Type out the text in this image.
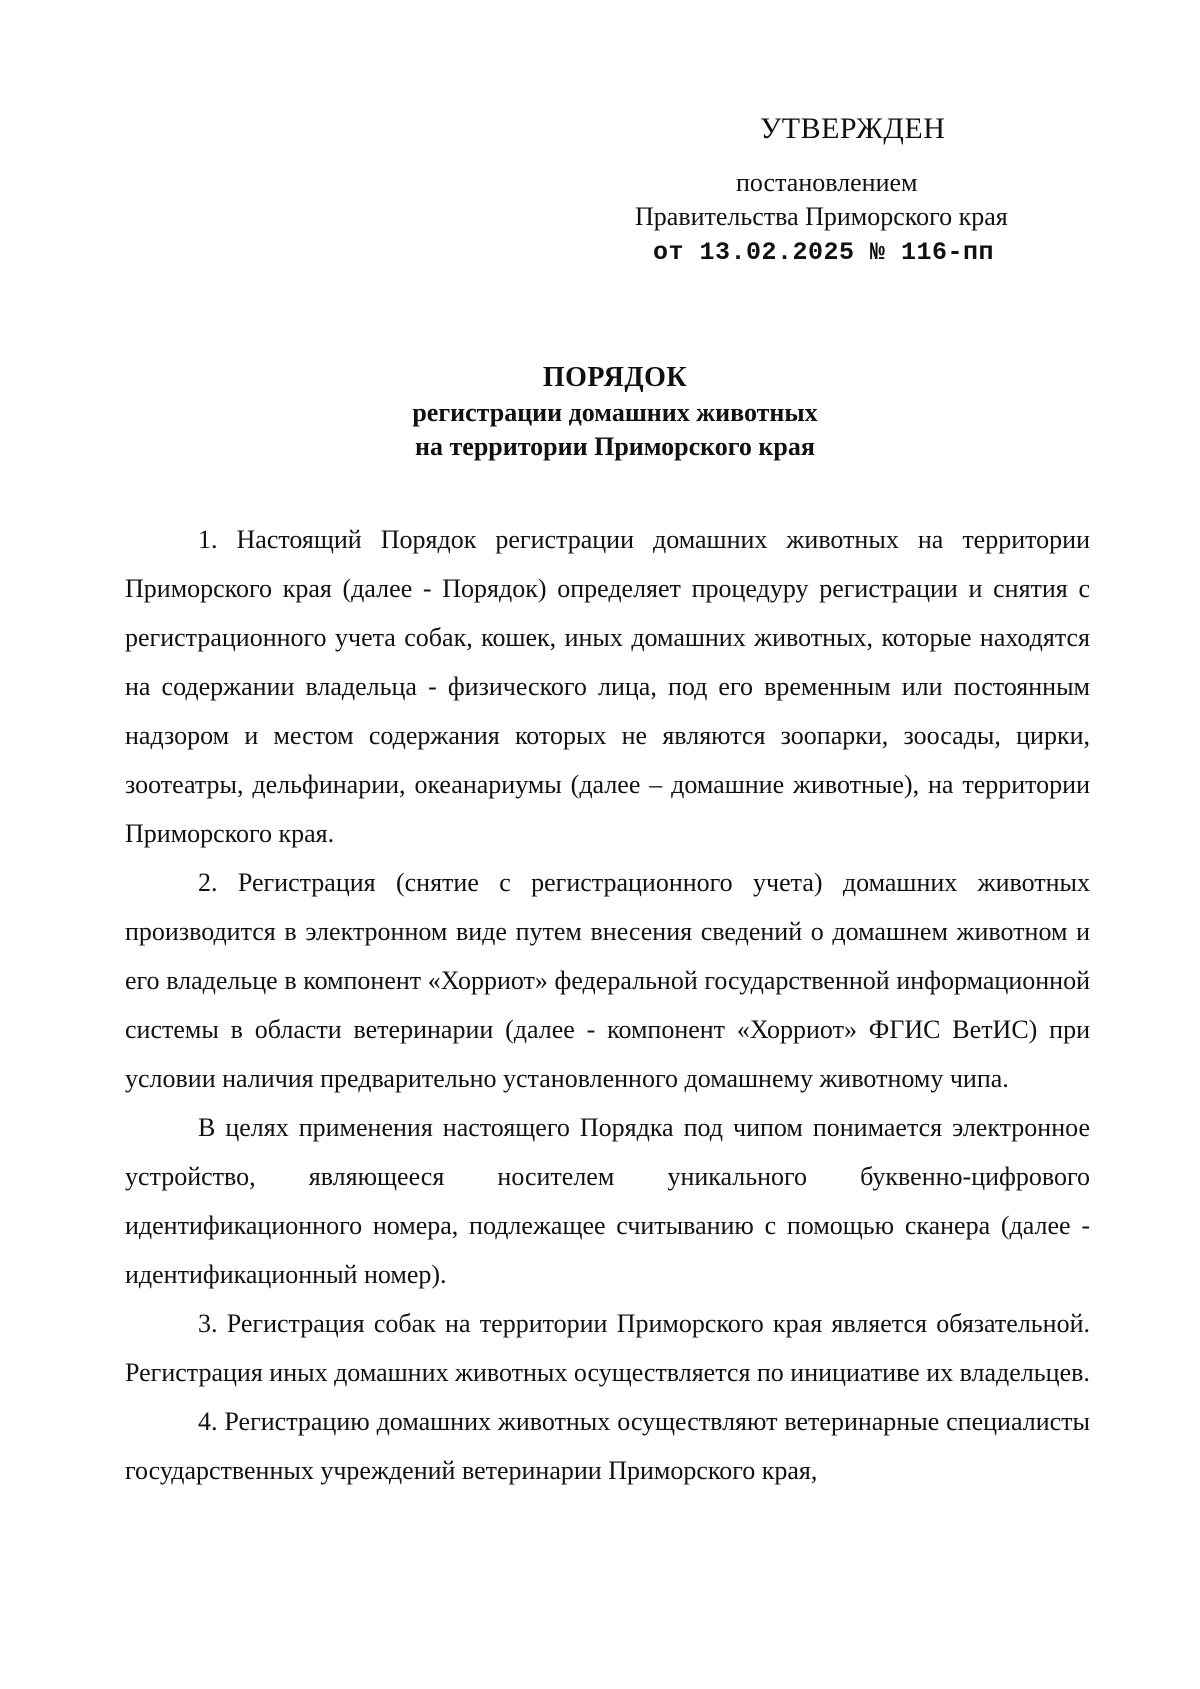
УТВЕРЖДЕН
постановлением
Правительства Приморского края
от 13.02.2025 № 116-пп
ПОРЯДОК
регистрации домашних животных
на территории Приморского края

1. Настоящий Порядок регистрации домашних животных на территории Приморского края (далее - Порядок) определяет процедуру регистрации и снятия с регистрационного учета собак, кошек, иных домашних животных, которые находятся на содержании владельца - физического лица, под его временным или постоянным надзором и местом содержания которых не являются зоопарки, зоосады, цирки, зоотеатры, дельфинарии, океанариумы (далее – домашние животные), на территории Приморского края.

2. Регистрация (снятие с регистрационного учета) домашних животных производится в электронном виде путем внесения сведений о домашнем животном и его владельце в компонент «Хорриот» федеральной государственной информационной системы в области ветеринарии (далее - компонент «Хорриот» ФГИС ВетИС) при условии наличия предварительно установленного домашнему животному чипа.

В целях применения настоящего Порядка под чипом понимается электронное устройство, являющееся носителем уникального буквенно-цифрового идентификационного номера, подлежащее считыванию с помощью сканера (далее - идентификационный номер).

3. Регистрация собак на территории Приморского края является обязательной. Регистрация иных домашних животных осуществляется по инициативе их владельцев.

4. Регистрацию домашних животных осуществляют ветеринарные специалисты государственных учреждений ветеринарии Приморского края,
